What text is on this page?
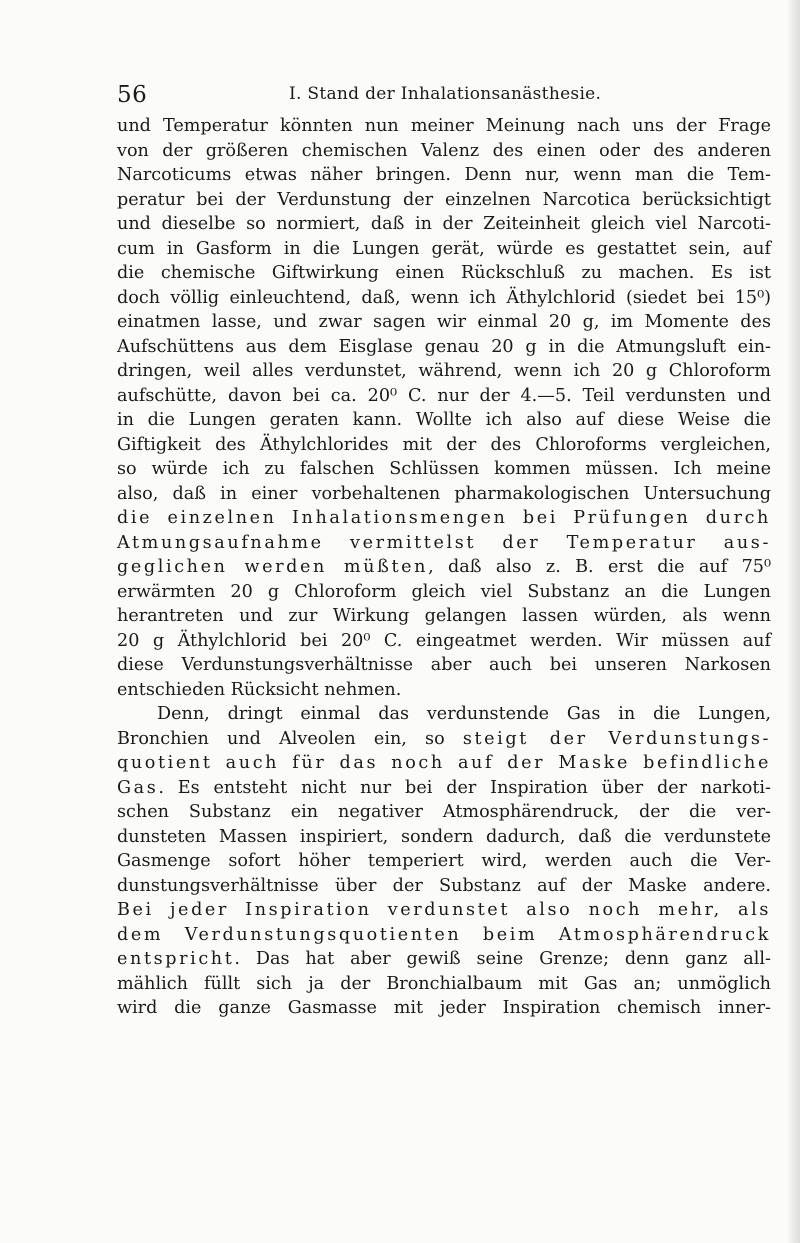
56	I. Stand der Inhalationsanästhesie.
und Temperatur könnten nun meiner Meinung nach uns der Frage
von der größeren chemischen Valenz des einen oder des anderen
Narcoticums etwas näher bringen. Denn nur, wenn man die Tem-
peratur bei der Verdunstung der einzelnen Narcotica berücksichtigt
und dieselbe so normiert, daß in der Zeiteinheit gleich viel Narcoti-
cum in Gasform in die Lungen gerät, würde es gestattet sein, auf
die chemische Giftwirkung einen Rückschluß zu machen. Es ist
doch völlig einleuchtend, daß, wenn ich Äthylchlorid (siedet bei 15⁰)
einatmen lasse, und zwar sagen wir einmal 20 g, im Momente des
Aufschüttens aus dem Eisglase genau 20 g in die Atmungsluft ein-
dringen, weil alles verdunstet, während, wenn ich 20 g Chloroform
aufschütte, davon bei ca. 20⁰ C. nur der 4.—5. Teil verdunsten und
in die Lungen geraten kann. Wollte ich also auf diese Weise die
Giftigkeit des Äthylchlorides mit der des Chloroforms vergleichen,
so würde ich zu falschen Schlüssen kommen müssen. Ich meine
also, daß in einer vorbehaltenen pharmakologischen Untersuchung
die einzelnen Inhalationsmengen bei Prüfungen durch
Atmungsaufnahme vermittelst der Temperatur aus-
geglichen werden müßten, daß also z. B. erst die auf 75⁰
erwärmten 20 g Chloroform gleich viel Substanz an die Lungen
herantreten und zur Wirkung gelangen lassen würden, als wenn
20 g Äthylchlorid bei 20⁰ C. eingeatmet werden. Wir müssen auf
diese Verdunstungsverhältnisse aber auch bei unseren Narkosen
entschieden Rücksicht nehmen.
Denn, dringt einmal das verdunstende Gas in die Lungen,
Bronchien und Alveolen ein, so steigt der Verdunstungs-
quotient auch für das noch auf der Maske befindliche
Gas. Es entsteht nicht nur bei der Inspiration über der narkoti-
schen Substanz ein negativer Atmosphärendruck, der die ver-
dunsteten Massen inspiriert, sondern dadurch, daß die verdunstete
Gasmenge sofort höher temperiert wird, werden auch die Ver-
dunstungsverhältnisse über der Substanz auf der Maske andere.
Bei jeder Inspiration verdunstet also noch mehr, als
dem Verdunstungsquotienten beim Atmosphärendruck
entspricht. Das hat aber gewiß seine Grenze; denn ganz all-
mählich füllt sich ja der Bronchialbaum mit Gas an; unmöglich
wird die ganze Gasmasse mit jeder Inspiration chemisch inner-
